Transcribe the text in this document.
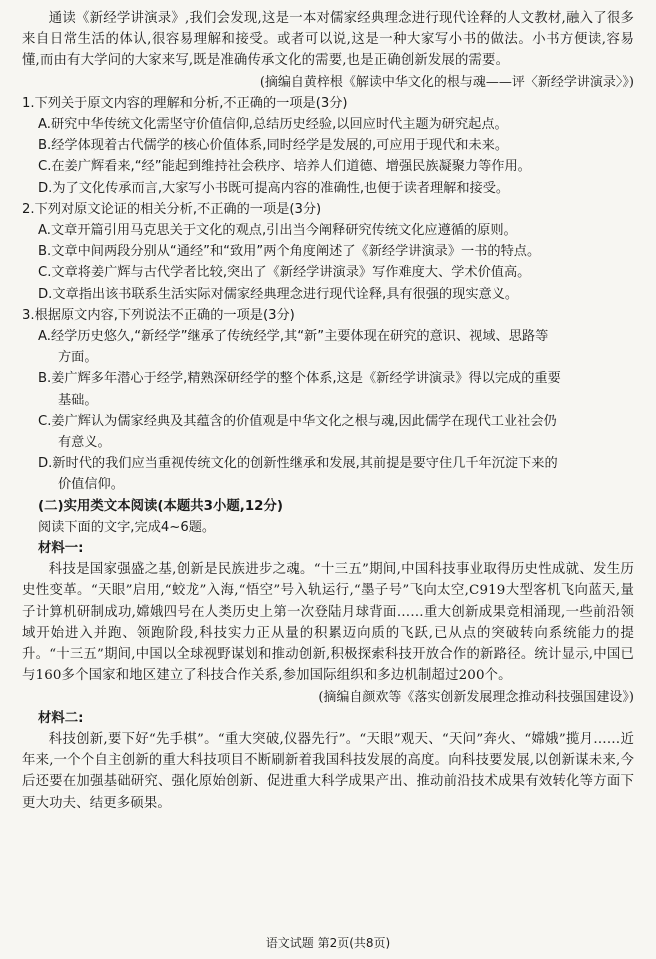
通读《新经学讲演录》,我们会发现,这是一本对儒家经典理念进行现代诠释的人文教材,融入了很多来自日常生活的体认,很容易理解和接受。或者可以说,这是一种大家写小书的做法。小书方便读,容易懂,而由有大学问的大家来写,既是准确传承文化的需要,也是正确创新发展的需要。

(摘编自黄梓根《解读中华文化的根与魂——评〈新经学讲演录〉》)

1.下列关于原文内容的理解和分析,不正确的一项是(3分)

A.研究中华传统文化需坚守价值信仰,总结历史经验,以回应时代主题为研究起点。

B.经学体现着古代儒学的核心价值体系,同时经学是发展的,可应用于现代和未来。

C.在姜广辉看来,“经”能起到维持社会秩序、培养人们道德、增强民族凝聚力等作用。

D.为了文化传承而言,大家写小书既可提高内容的准确性,也便于读者理解和接受。

2.下列对原文论证的相关分析,不正确的一项是(3分)

A.文章开篇引用马克思关于文化的观点,引出当今阐释研究传统文化应遵循的原则。

B.文章中间两段分别从“通经”和“致用”两个角度阐述了《新经学讲演录》一书的特点。

C.文章将姜广辉与古代学者比较,突出了《新经学讲演录》写作难度大、学术价值高。

D.文章指出该书联系生活实际对儒家经典理念进行现代诠释,具有很强的现实意义。

3.根据原文内容,下列说法不正确的一项是(3分)

A.经学历史悠久,“新经学”继承了传统经学,其“新”主要体现在研究的意识、视域、思路等
方面。

B.姜广辉多年潜心于经学,精熟深研经学的整个体系,这是《新经学讲演录》得以完成的重要
基础。

C.姜广辉认为儒家经典及其蕴含的价值观是中华文化之根与魂,因此儒学在现代工业社会仍
有意义。

D.新时代的我们应当重视传统文化的创新性继承和发展,其前提是要守住几千年沉淀下来的
价值信仰。

(二)实用类文本阅读(本题共3小题,12分)

阅读下面的文字,完成4~6题。

材料一:

科技是国家强盛之基,创新是民族进步之魂。“十三五”期间,中国科技事业取得历史性成就、发生历史性变革。“天眼”启用,“蛟龙”入海,“悟空”号入轨运行,“墨子号”飞向太空,C919大型客机飞向蓝天,量子计算机研制成功,嫦娥四号在人类历史上第一次登陆月球背面……重大创新成果竞相涌现,一些前沿领域开始进入并跑、领跑阶段,科技实力正从量的积累迈向质的飞跃,已从点的突破转向系统能力的提升。“十三五”期间,中国以全球视野谋划和推动创新,积极探索科技开放合作的新路径。统计显示,中国已与160多个国家和地区建立了科技合作关系,参加国际组织和多边机制超过200个。

(摘编自颜欢等《落实创新发展理念推动科技强国建设》)

材料二:

科技创新,要下好“先手棋”。“重大突破,仪器先行”。“天眼”观天、“天问”奔火、“嫦娥”揽月……近年来,一个个自主创新的重大科技项目不断刷新着我国科技发展的高度。向科技要发展,以创新谋未来,今后还要在加强基础研究、强化原始创新、促进重大科学成果产出、推动前沿技术成果有效转化等方面下更大功夫、结更多硕果。

语文试题 第2页(共8页)
